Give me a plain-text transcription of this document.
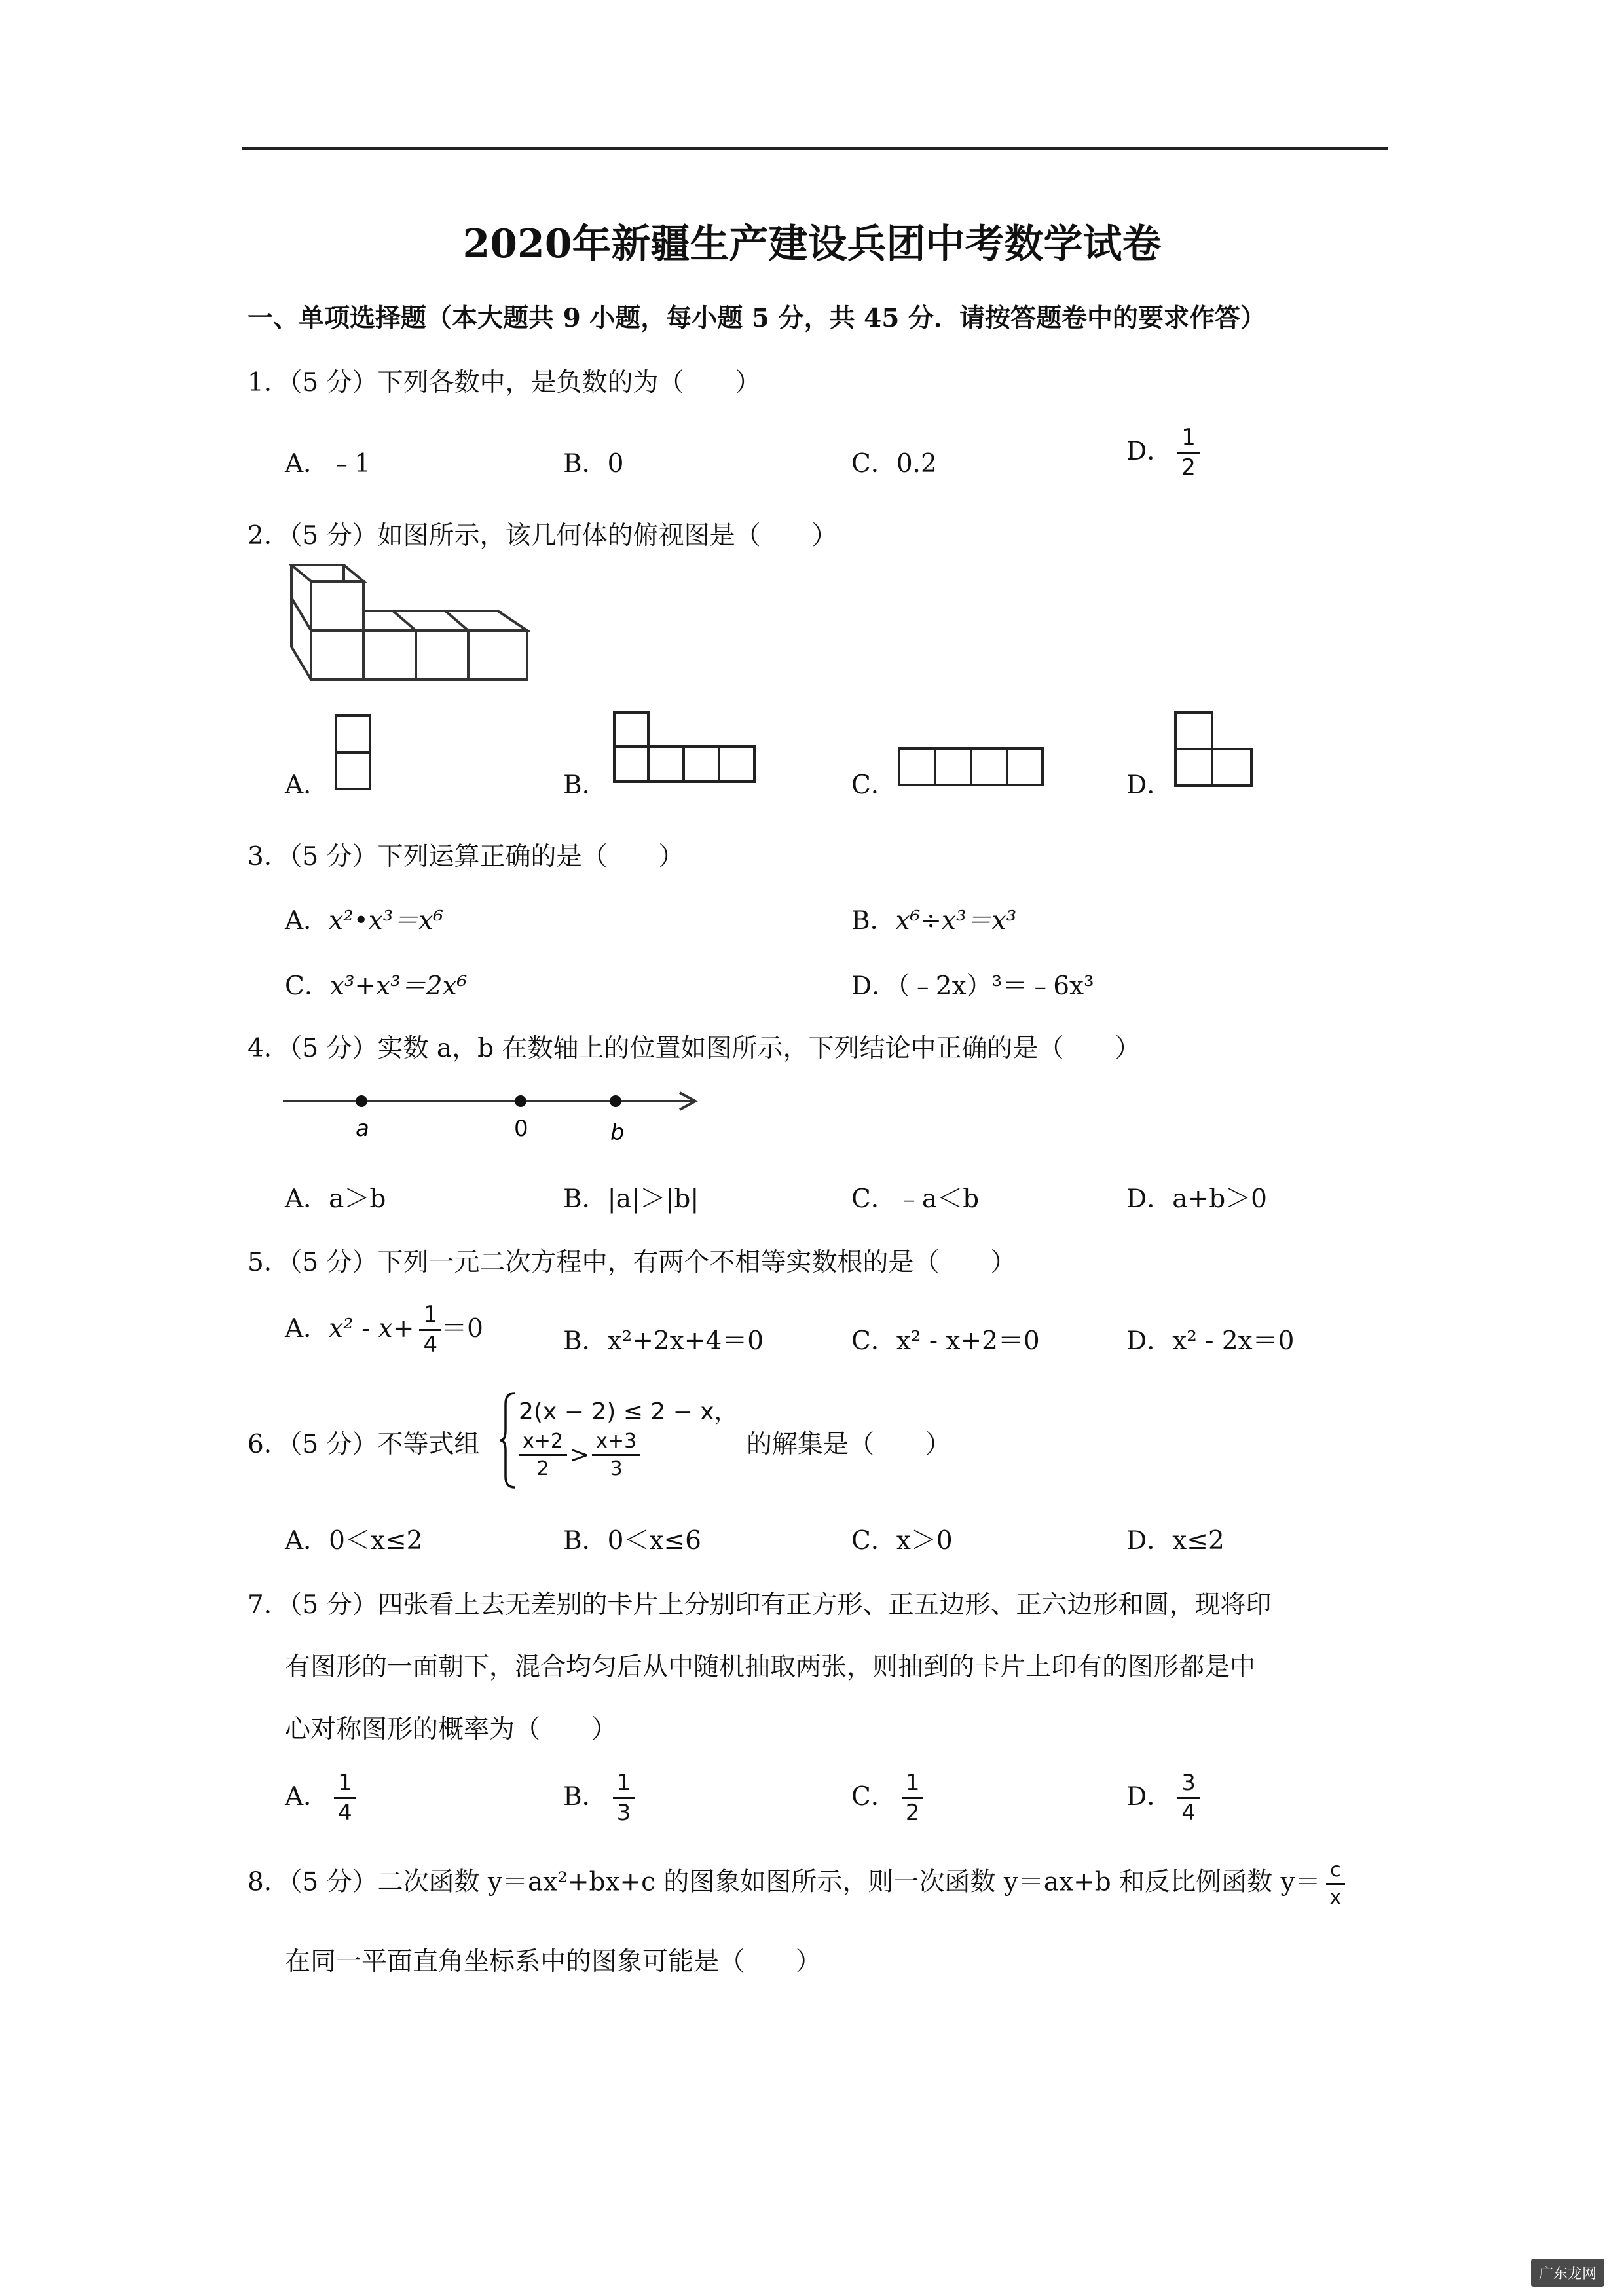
2020年新疆生产建设兵团中考数学试卷
一、单项选择题（本大题共 9 小题，每小题 5 分，共 45 分．请按答题卷中的要求作答）
1．（5 分）下列各数中，是负数的为（　　）
A．﹣1	B．0	C．0.2	D． $\frac{1}{2}$
2．（5 分）如图所示，该几何体的俯视图是（　　）
A．	B．	C．	D．
3．（5 分）下列运算正确的是（　　）
A．x²•x³＝x⁶	B．x⁶÷x³＝x³
C．x³+x³＝2x⁶	D．（﹣2x）³＝﹣6x³
4．（5 分）实数 a，b 在数轴上的位置如图所示，下列结论中正确的是（　　）
a	0	b
A．a＞b	B．|a|＞|b|	C．﹣a＜b	D．a+b＞0
5．（5 分）下列一元二次方程中，有两个不相等实数根的是（　　）
A．$x^2 - x+ \frac{1}{4} =0$	B．x²+2x+4＝0	C．x² - x+2＝0	D．x² - 2x＝0
6．（5 分）不等式组
2(x − 2) ≤ 2 − x，
$\frac{x+2}{2} > \frac{x+3}{3}$	的解集是（　　）
A．0＜x≤2	B．0＜x≤6	C．x＞0	D．x≤2
7．（5 分）四张看上去无差别的卡片上分别印有正方形、正五边形、正六边形和圆，现将印
有图形的一面朝下，混合均匀后从中随机抽取两张，则抽到的卡片上印有的图形都是中
心对称图形的概率为（　　）
A． $\frac{1}{4}$	B． $\frac{1}{3}$	C． $\frac{1}{2}$	D． $\frac{3}{4}$
8．（5 分）二次函数 y＝ax²+bx+c 的图象如图所示，则一次函数 y＝ax+b 和反比例函数 $y= \frac{c}{x}$
在同一平面直角坐标系中的图象可能是（　　）
广东龙网
